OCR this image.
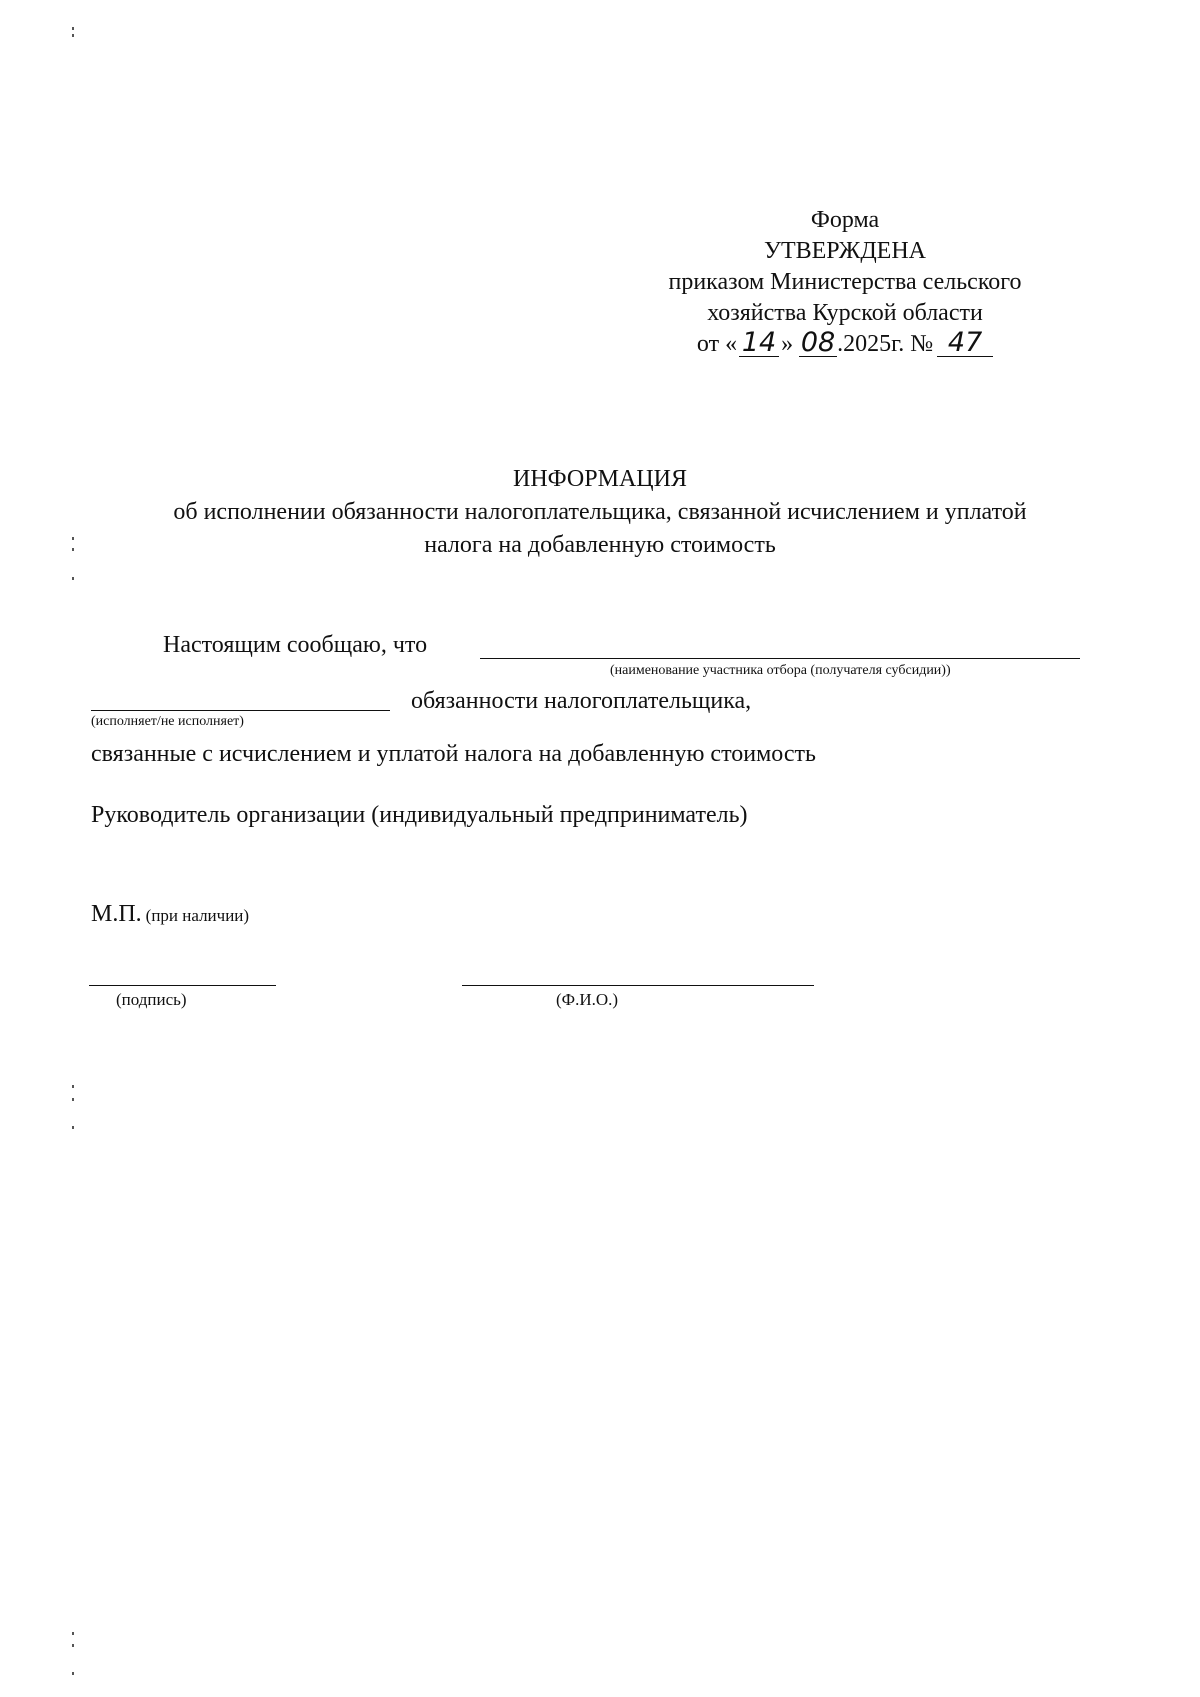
Форма
УТВЕРЖДЕНА
приказом Министерства сельского
хозяйства Курской области
от « 14 » 08.2025г. № 47
ИНФОРМАЦИЯ
об исполнении обязанности налогоплательщика, связанной исчислением и уплатой
налога на добавленную стоимость
Настоящим сообщаю, что
(наименование участника отбора (получателя субсидии))
обязанности налогоплательщика,
(исполняет/не исполняет)
связанные с исчислением и уплатой налога на добавленную стоимость
Руководитель организации (индивидуальный предприниматель)
М.П. (при наличии)
(подпись)	(Ф.И.О.)
